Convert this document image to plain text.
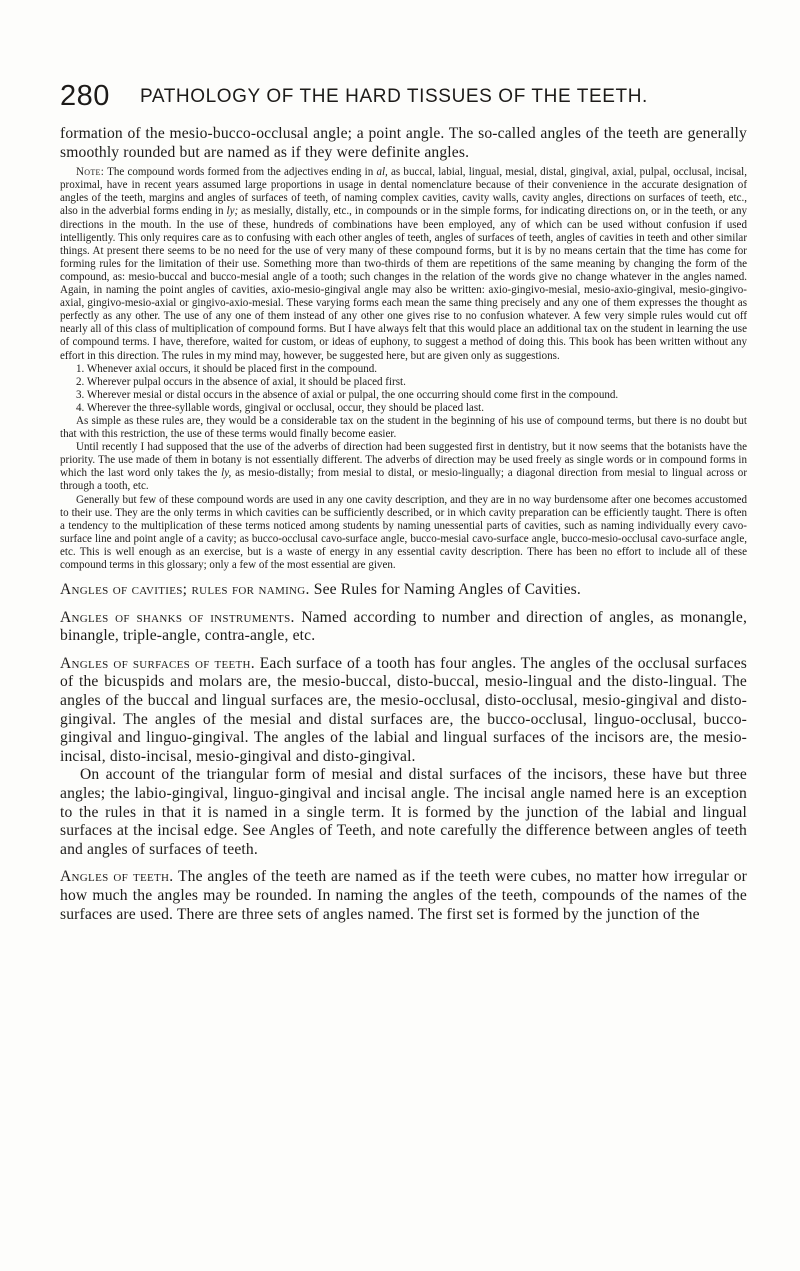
280 PATHOLOGY OF THE HARD TISSUES OF THE TEETH.

formation of the mesio-bucco-occlusal angle; a point angle. The so-called angles of the teeth are generally smoothly rounded but are named as if they were definite angles.

Note: The compound words formed from the adjectives ending in al, as buccal, labial, lingual, mesial, distal, gingival, axial, pulpal, occlusal, incisal, proximal, have in recent years assumed large proportions in usage in dental nomenclature because of their convenience in the accurate designation of angles of the teeth, margins and angles of surfaces of teeth, of naming complex cavities, cavity walls, cavity angles, directions on surfaces of teeth, etc., also in the adverbial forms ending in ly; as mesially, distally, etc., in compounds or in the simple forms, for indicating directions on, or in the teeth, or any directions in the mouth. In the use of these, hundreds of combinations have been employed, any of which can be used without confusion if used intelligently. This only requires care as to confusing with each other angles of teeth, angles of surfaces of teeth, angles of cavities in teeth and other similar things. At present there seems to be no need for the use of very many of these compound forms, but it is by no means certain that the time has come for forming rules for the limitation of their use. Something more than two-thirds of them are repetitions of the same meaning by changing the form of the compound, as: mesio-buccal and bucco-mesial angle of a tooth; such changes in the relation of the words give no change whatever in the angles named. Again, in naming the point angles of cavities, axio-mesio-gingival angle may also be written: axio-gingivo-mesial, mesio-axio-gingival, mesio-gingivo-axial, gingivo-mesio-axial or gingivo-axio-mesial. These varying forms each mean the same thing precisely and any one of them expresses the thought as perfectly as any other. The use of any one of them instead of any other one gives rise to no confusion whatever. A few very simple rules would cut off nearly all of this class of multiplication of compound forms. But I have always felt that this would place an additional tax on the student in learning the use of compound terms. I have, therefore, waited for custom, or ideas of euphony, to suggest a method of doing this. This book has been written without any effort in this direction. The rules in my mind may, however, be suggested here, but are given only as suggestions.

1. Whenever axial occurs, it should be placed first in the compound.

2. Wherever pulpal occurs in the absence of axial, it should be placed first.

3. Wherever mesial or distal occurs in the absence of axial or pulpal, the one occurring should come first in the compound.

4. Wherever the three-syllable words, gingival or occlusal, occur, they should be placed last.

As simple as these rules are, they would be a considerable tax on the student in the beginning of his use of compound terms, but there is no doubt but that with this restriction, the use of these terms would finally become easier.

Until recently I had supposed that the use of the adverbs of direction had been suggested first in dentistry, but it now seems that the botanists have the priority. The use made of them in botany is not essentially different. The adverbs of direction may be used freely as single words or in compound forms in which the last word only takes the ly, as mesio-distally; from mesial to distal, or mesio-lingually; a diagonal direction from mesial to lingual across or through a tooth, etc.

Generally but few of these compound words are used in any one cavity description, and they are in no way burdensome after one becomes accustomed to their use. They are the only terms in which cavities can be sufficiently described, or in which cavity preparation can be efficiently taught. There is often a tendency to the multiplication of these terms noticed among students by naming unessential parts of cavities, such as naming individually every cavo-surface line and point angle of a cavity; as bucco-occlusal cavo-surface angle, bucco-mesial cavo-surface angle, bucco-mesio-occlusal cavo-surface angle, etc. This is well enough as an exercise, but is a waste of energy in any essential cavity description. There has been no effort to include all of these compound terms in this glossary; only a few of the most essential are given.

Angles of cavities; rules for naming. See Rules for Naming Angles of Cavities.

Angles of shanks of instruments. Named according to number and direction of angles, as monangle, binangle, triple-angle, contra-angle, etc.

Angles of surfaces of teeth. Each surface of a tooth has four angles. The angles of the occlusal surfaces of the bicuspids and molars are, the mesio-buccal, disto-buccal, mesio-lingual and the disto-lingual. The angles of the buccal and lingual surfaces are, the mesio-occlusal, disto-occlusal, mesio-gingival and disto-gingival. The angles of the mesial and distal surfaces are, the bucco-occlusal, linguo-occlusal, bucco-gingival and linguo-gingival. The angles of the labial and lingual surfaces of the incisors are, the mesio-incisal, disto-incisal, mesio-gingival and disto-gingival.

On account of the triangular form of mesial and distal surfaces of the incisors, these have but three angles; the labio-gingival, linguo-gingival and incisal angle. The incisal angle named here is an exception to the rules in that it is named in a single term. It is formed by the junction of the labial and lingual surfaces at the incisal edge. See Angles of Teeth, and note carefully the difference between angles of teeth and angles of surfaces of teeth.

Angles of teeth. The angles of the teeth are named as if the teeth were cubes, no matter how irregular or how much the angles may be rounded. In naming the angles of the teeth, compounds of the names of the surfaces are used. There are three sets of angles named. The first set is formed by the junction of the
